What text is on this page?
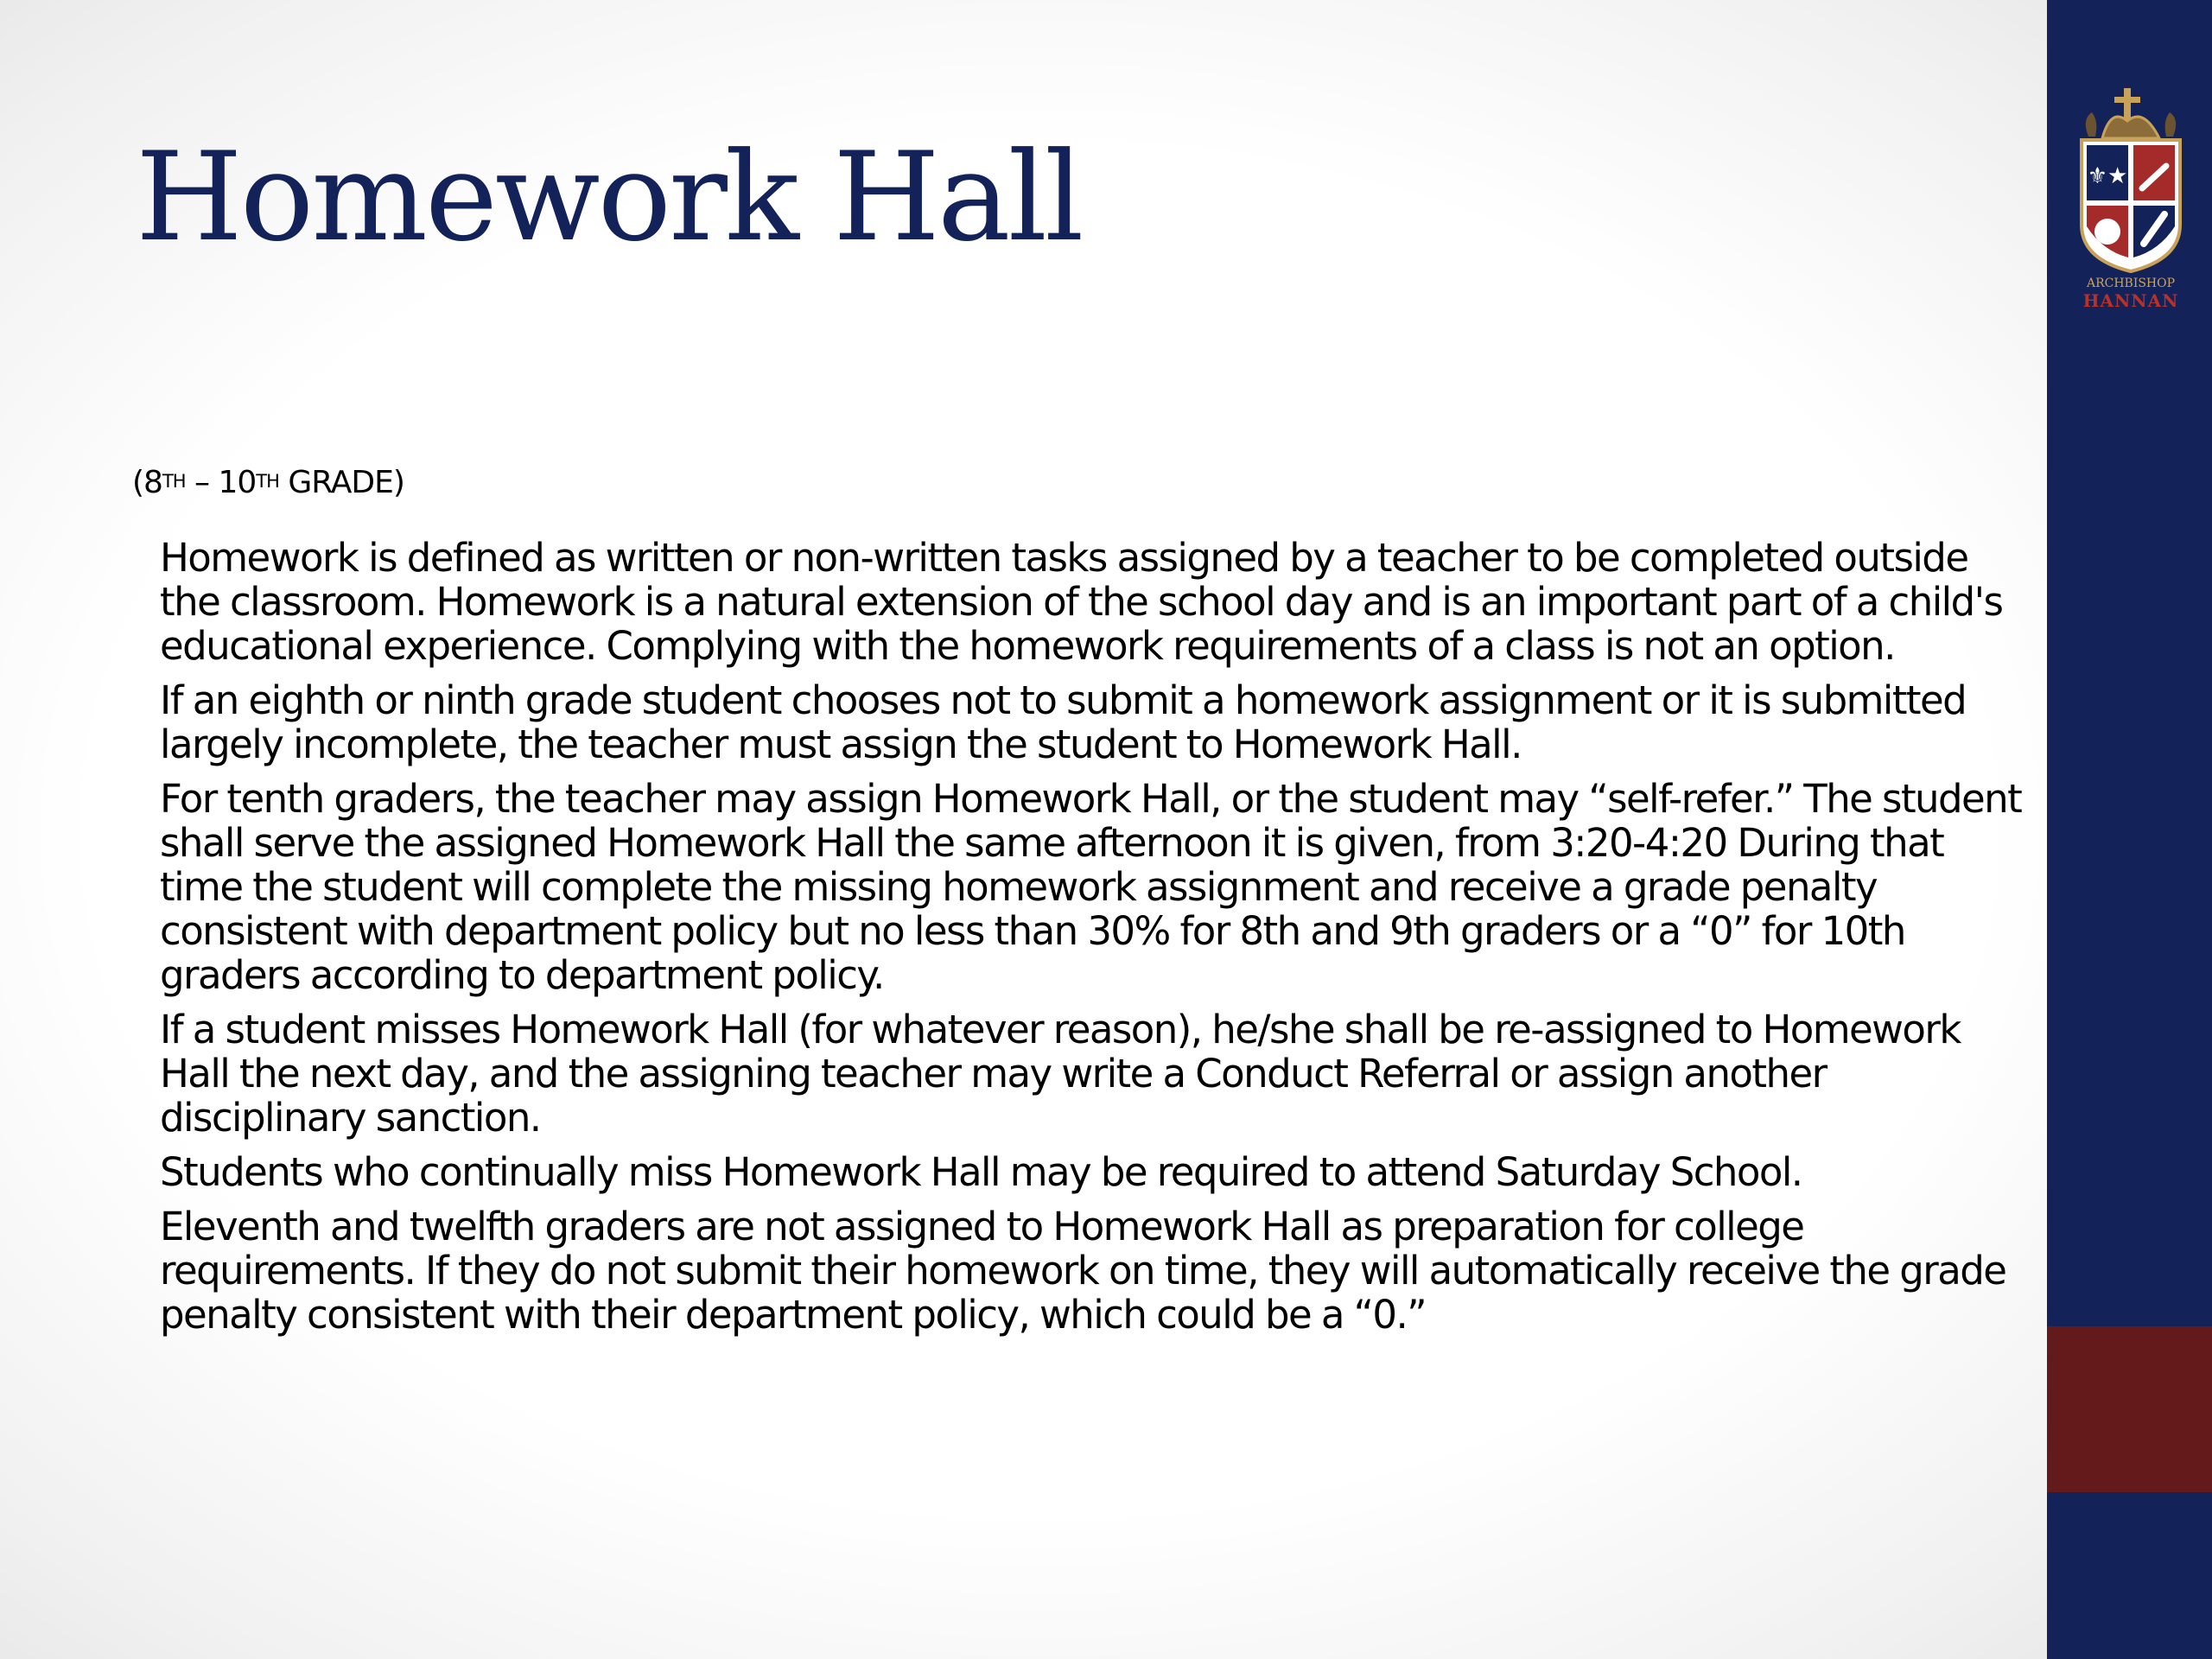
Homework Hall
(8TH – 10TH GRADE)

Homework is defined as written or non-written tasks assigned by a teacher to be completed outside the classroom. Homework is a natural extension of the school day and is an important part of a child's educational experience. Complying with the homework requirements of a class is not an option.

If an eighth or ninth grade student chooses not to submit a homework assignment or it is submitted largely incomplete, the teacher must assign the student to Homework Hall.

For tenth graders, the teacher may assign Homework Hall, or the student may “self-refer.” The student shall serve the assigned Homework Hall the same afternoon it is given, from 3:20-4:20 During that time the student will complete the missing homework assignment and receive a grade penalty consistent with department policy but no less than 30% for 8th and 9th graders or a “0” for 10th graders according to department policy.

If a student misses Homework Hall (for whatever reason), he/she shall be re-assigned to Homework Hall the next day, and the assigning teacher may write a Conduct Referral or assign another disciplinary sanction.

Students who continually miss Homework Hall may be required to attend Saturday School.

Eleventh and twelfth graders are not assigned to Homework Hall as preparation for college requirements. If they do not submit their homework on time, they will automatically receive the grade penalty consistent with their department policy, which could be a “0.”

⚜★
ARCHBISHOP
HANNAN
